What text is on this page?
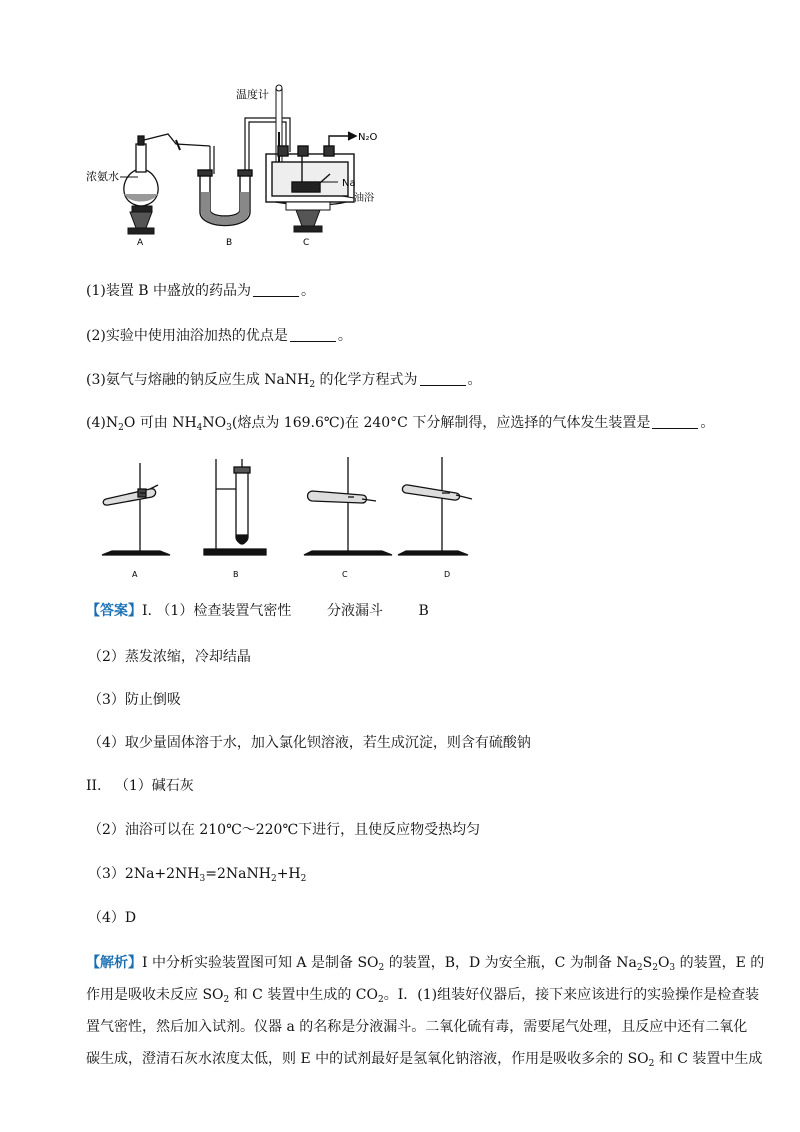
温度计
浓氨水
A	B
N₂O
Na
油浴
C
(1)装置 B 中盛放的药品为	。
(2)实验中使用油浴加热的优点是	。
(3)氨气与熔融的钠反应生成 NaNH$_2$ 的化学方程式为	。
$(4)N_2O$ 可由 $NH_4NO_3$(熔点为 169.6℃)在 240°C 下分解制得，应选择的气体发生装置是	。
A	B	C	D
【答案】I. （1）检查装置气密性        分液漏斗        B
（2）蒸发浓缩，冷却结晶
（3）防止倒吸
（4）取少量固体溶于水，加入氯化钡溶液，若生成沉淀，则含有硫酸钠
II.   （1）碱石灰
（2）油浴可以在 210℃～220℃下进行，且使反应物受热均匀
$(3)2Na+2NH_3=2NaNH_2+H_2$
（4）D
【解析】I 中分析实验装置图可知 A 是制备 $SO_2$ 的装置，B，D 为安全瓶，C 为制备 $Na_2S_2O_3$ 的装置，E 的
作用是吸收未反应 $SO_2$ 和 C 装置中生成的 $CO_2$。Ⅰ．(1)组装好仪器后，接下来应该进行的实验操作是检查装
置气密性，然后加入试剂。仪器 a 的名称是分液漏斗。二氧化硫有毒，需要尾气处理，且反应中还有二氧化
碳生成，澄清石灰水浓度太低，则 E 中的试剂最好是氢氧化钠溶液，作用是吸收多余的 $SO_2$ 和 C 装置中生成
